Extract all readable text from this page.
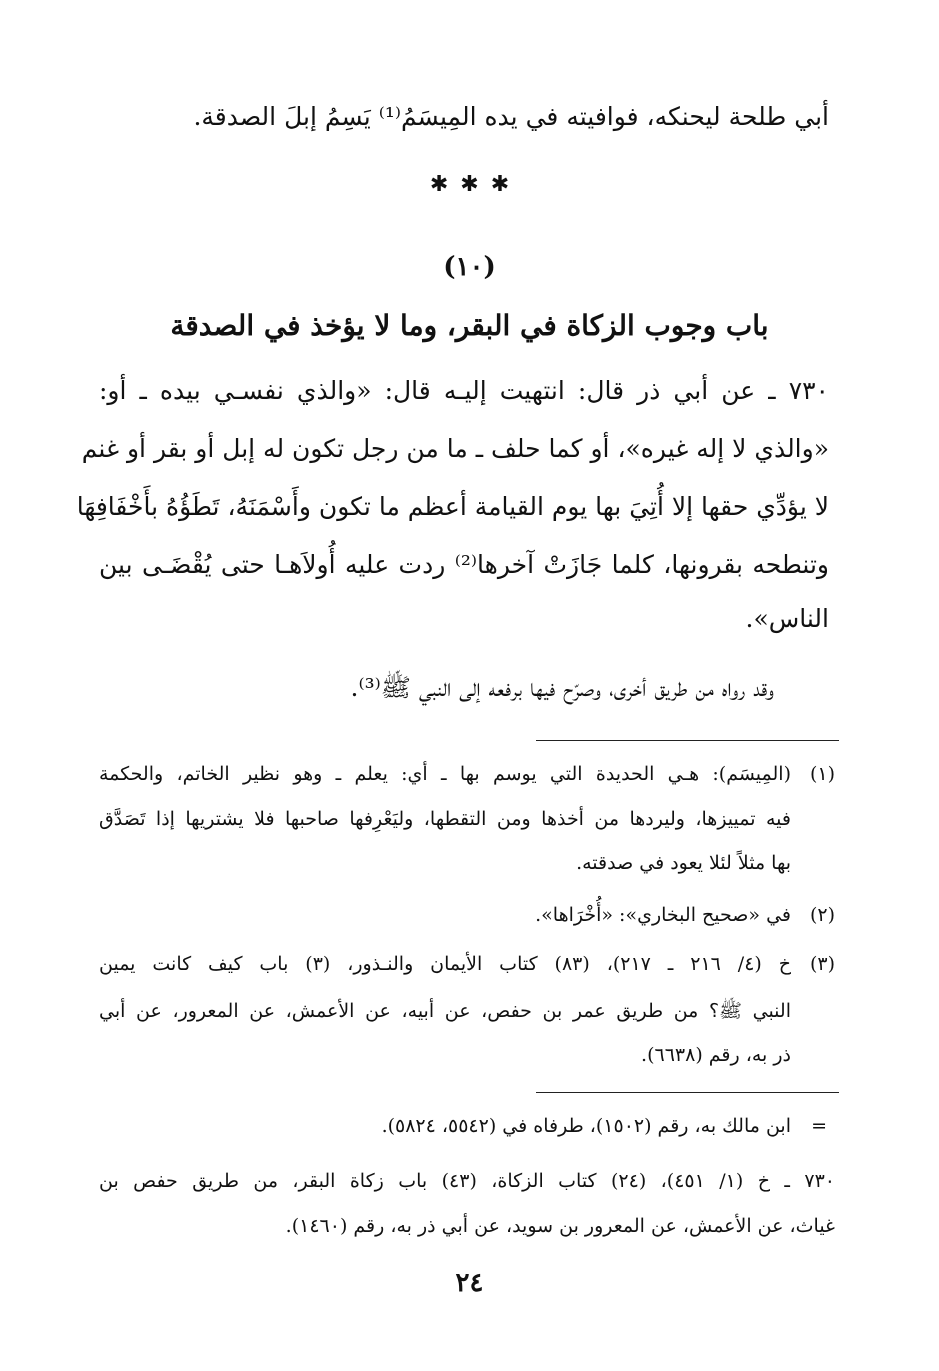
أبي طلحة ليحنكه، فوافيته في يده المِيسَمُ⁽¹⁾ يَسِمُ إبلَ الصدقة.
✱ ✱ ✱
(١٠)
باب وجوب الزكاة في البقر، وما لا يؤخذ في الصدقة
٧٣٠ ـ عن أبي ذر قال: انتهيت إليـه قال: «والذي نفسـي بيده ـ أو:
«والذي لا إله غيره»، أو كما حلف ـ ما من رجل تكون له إبل أو بقر أو غنم
لا يؤدِّي حقها إلا أُتِيَ بها يوم القيامة أعظم ما تكون وأَسْمَنَهُ، تَطَؤُهُ بأَخْفَافِهَا
وتنطحه بقرونها، كلما جَازَتْ آخرها⁽²⁾ ردت عليه أُولاَهـا حتى يُقْضَـى بين
الناس».
وقد رواه من طريق أخرى، وصرّح فيها برفعه إلى النبي ﷺ⁽³⁾.
(١)
(المِيسَم): هـي الحديدة التي يوسم بها ـ أي: يعلم ـ وهو نظير الخاتم، والحكمة
فيه تمييزها، وليردها من أخذها ومن التقطها، وليَعْرِفها صاحبها فلا يشتريها إذا تَصَدَّق
بها مثلاً لئلا يعود في صدقته.
(٢)
في «صحيح البخاري»: «أُخْرَاها».
(٣)
خ (٤/ ٢١٦ ـ ٢١٧)، (٨٣) كتاب الأيمان والنـذور، (٣) باب كيف كانت يمين
النبي ﷺ؟ من طريق عمر بن حفص، عن أبيه، عن الأعمش، عن المعرور، عن أبي
ذر به، رقم (٦٦٣٨).
=
ابن مالك به، رقم (١٥٠٢)، طرفاه في (٥٥٤٢، ٥٨٢٤).
٧٣٠ ـ خ (١/ ٤٥١)، (٢٤) كتاب الزكاة، (٤٣) باب زكاة البقر، من طريق حفص بن
غياث، عن الأعمش، عن المعرور بن سويد، عن أبي ذر به، رقم (١٤٦٠).
٢٤
